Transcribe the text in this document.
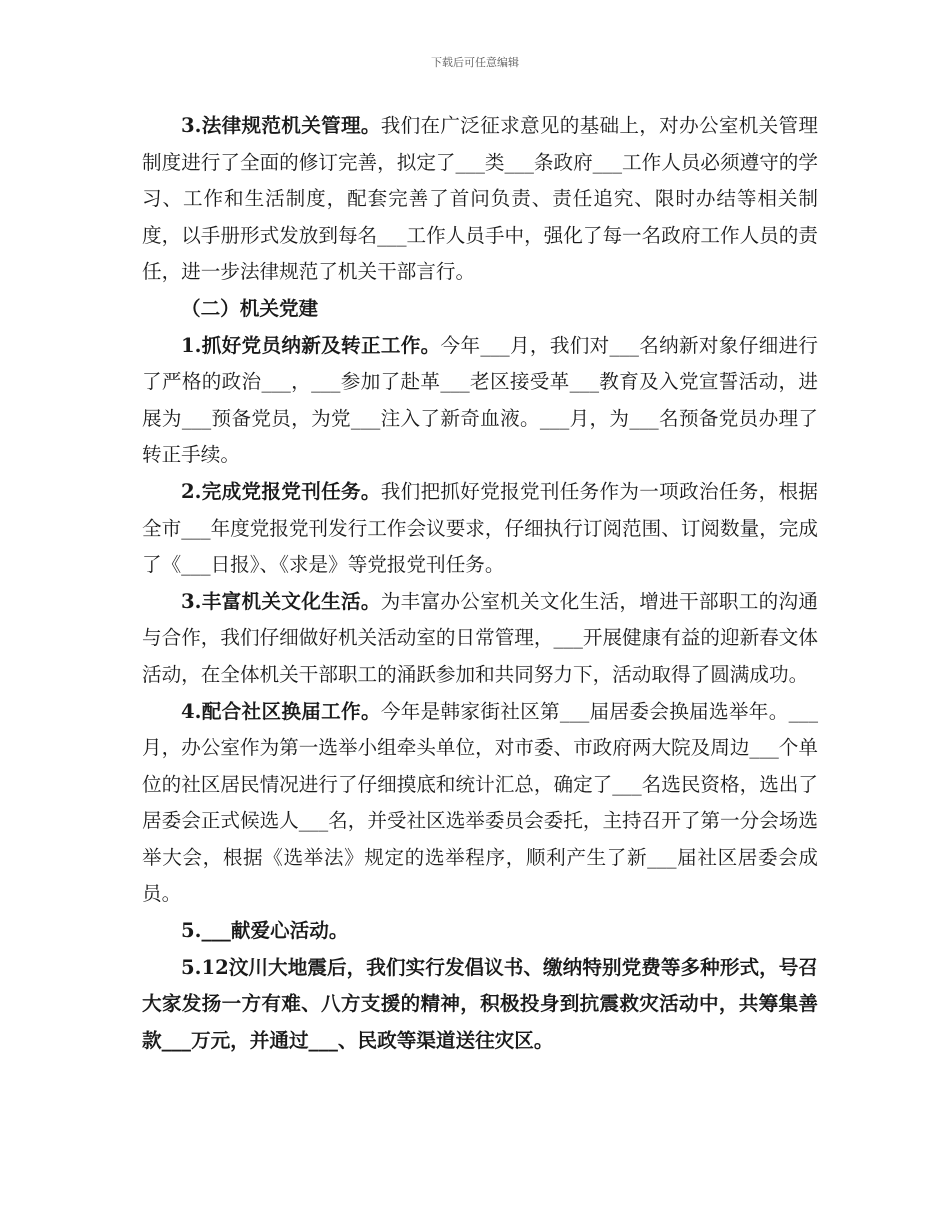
下载后可任意编辑

3.法律规范机关管理。我们在广泛征求意见的基础上，对办公室机关管理制度进行了全面的修订完善，拟定了___类___条政府___工作人员必须遵守的学习、工作和生活制度，配套完善了首问负责、责任追究、限时办结等相关制度，以手册形式发放到每名___工作人员手中，强化了每一名政府工作人员的责任，进一步法律规范了机关干部言行。

（二）机关党建

1.抓好党员纳新及转正工作。今年___月，我们对___名纳新对象仔细进行了严格的政治___，___参加了赴革___老区接受革___教育及入党宣誓活动，进展为___预备党员，为党___注入了新奇血液。___月，为___名预备党员办理了转正手续。

2.完成党报党刊任务。我们把抓好党报党刊任务作为一项政治任务，根据全市___年度党报党刊发行工作会议要求，仔细执行订阅范围、订阅数量，完成了《___日报》、《求是》等党报党刊任务。

3.丰富机关文化生活。为丰富办公室机关文化生活，增进干部职工的沟通与合作，我们仔细做好机关活动室的日常管理，___开展健康有益的迎新春文体活动，在全体机关干部职工的涌跃参加和共同努力下，活动取得了圆满成功。

4.配合社区换届工作。今年是韩家街社区第___届居委会换届选举年。___月，办公室作为第一选举小组牵头单位，对市委、市政府两大院及周边___个单位的社区居民情况进行了仔细摸底和统计汇总，确定了___名选民资格，选出了居委会正式候选人___名，并受社区选举委员会委托，主持召开了第一分会场选举大会，根据《选举法》规定的选举程序，顺利产生了新___届社区居委会成员。

5.___献爱心活动。

5.12汶川大地震后，我们实行发倡议书、缴纳特别党费等多种形式，号召大家发扬一方有难、八方支援的精神，积极投身到抗震救灾活动中，共筹集善款___万元，并通过___、民政等渠道送往灾区。
